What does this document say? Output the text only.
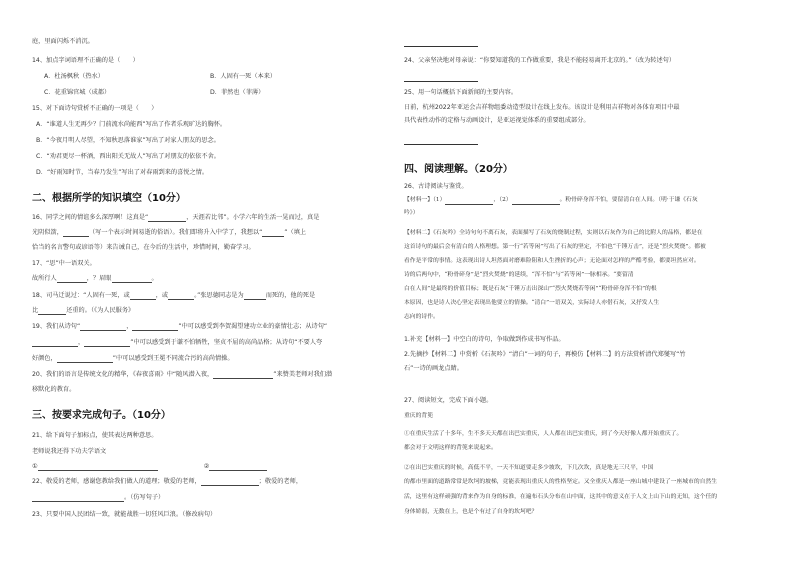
庭，里面闪烁不消沉。
14、加点字词语理不正确的是（　　）
A．杜汤枫秋（热水）	B．人固有一死（本来）
C．花重锦官城（成都）	D．菲然也（菲薄）
15、对下面诗句赏析不正确的一项是（　　）
A．“谁道人生无再少？门前流水尚能西”写出了作者乐观旷达的胸怀。
B．“今夜月明人尽望，不知秋思落谁家”写出了对家人朋友的思念。
C．“劝君更尽一杯酒，西出阳关无故人”写出了对朋友的依依不舍。
D．“好雨知时节，当春乃发生”写出了对春雨到来的喜悦之情。
二、根据所学的知识填空（10分）
16、同学之间的情谊多么深厚啊！这真是“	，天涯若比邻”。小学六年的生活一晃而过，真是
光阴似箭，	（写一个表示时间易逝的俗语）。我们即将升入中学了，我想以“	”（填上
恰当的名言警句或谚语等）来告诫自己，在今后的生活中，珍惜时间，勤奋学习。
17、“思”中一语双关。
故所行人	，？眉眼	。
18、司马迁说过：“人固有一死，或	，或	。”张思德同志是为	而死的，他的死是
比	还重的。（《为人民服务》
19、我们从诗句“	，	”中可以感受到李贺渴望建功立业的豪情壮志；从诗句“
，	”中可以感受到于谦不怕牺牲，坚贞不屈的高尚品格；从诗句“不要人夸
好颜色，	”中可以感受到王冕不同流合污的高尚情操。
20、我们的语言是传统文化的精华，《春夜喜雨》中“随风潜入夜，	”来赞美老师对我们潜
移默化的教育。
三、按要求完成句子。（10分）
21、给下面句子加标点，使其表达两种意思。
老师说我还得下功夫学语文
①	②
22、敬爱的老师，感谢您教给我们做人的道理；敬爱的老师，	；敬爱的老师，
。（仿写句子）
23、只要中国人民团结一致，就能战胜一切狂风巨浪。（修改病句）
24、父亲坚决地对母亲说：“你要知道我的工作做重要，我是不能轻易离开北京的。”（改为转述句）
25、用一句话概括下面新闻的主要内容。
日前，杭州2022年亚运会吉祥物组委动造型设计在线上发布。该设计是利用吉祥物对各体育项目中最
具代表性动作的定格与动画设计，是亚运视觉体系的重要组成部分。
四、阅读理解。（20分）
26、古诗阅读与鉴赏。
【材料一】（1）	，（2）	。粉骨碎身浑不怕，要留清白在人间。（明·于谦《石灰
吟》）
【材料二】《石灰吟》全诗句句不离石灰，表面描写了石灰的烧制过程，实则以石灰作为自己的比附人的品格，都是在
这首诗句的最后会有清白的人格理想。第一行“若等闲”写出了石灰的坚定，不怕也“千锤万击”，还是“烈火焚烧”。都被
看作是平常的事情。这表现出诗人坦然面对磨难险阻和人生挫折的心声；无论面对怎样的严酷考验，都要坦然应对。
诗的后两句中，“粉骨碎身”是“烈火焚烧”的延续，“浑不怕”与“若等闲”一脉相承。“要留清
白在人间”是最终的价值目标；既是石灰“千锤万击出深山”“烈火焚烧若等闲”“粉骨碎身浑不怕”的根
本原因，也是诗人决心坚定表现出他要立的情操。“清白”一语双关，实际诗人亦借石灰，又抒发人生
志向的诗作。
1.补充【材料一】中空白的诗句，争取做到作成书写作品。
2.先摘抄【材料二】中赏析《石灰吟》“清白”一词的句子，再模仿【材料二】的方法赏析清代郑燮写“竹
石”一诗的画龙点睛。
27、阅读短文，完成下面小题。
重庆的背篼
①在重庆生活了十多年，生不多天天都在出巴实重庆，人人都在出巴实重庆，到了今天好像人都开始重庆了。
都会对于文明这样的背篼来说起来。
②在出巴实重庆的时候，高低不平，一天不知道要走多少坡坎，下几次坎，真是地无三尺平，中国
的都市里面的道路常常是坎坷的坡梯，竟能表现出重庆人的性格坚定。又全重庆人都是一座山城中建设了一座城市的自然生
活，这里有这样顽强的背来作为自身的标准，在遍布石头分布在山中面，这其中的意义在于人文上山下山的无知，这个任的
身体娇弱，无数在上，也是个有过了自身的坎坷吧？
